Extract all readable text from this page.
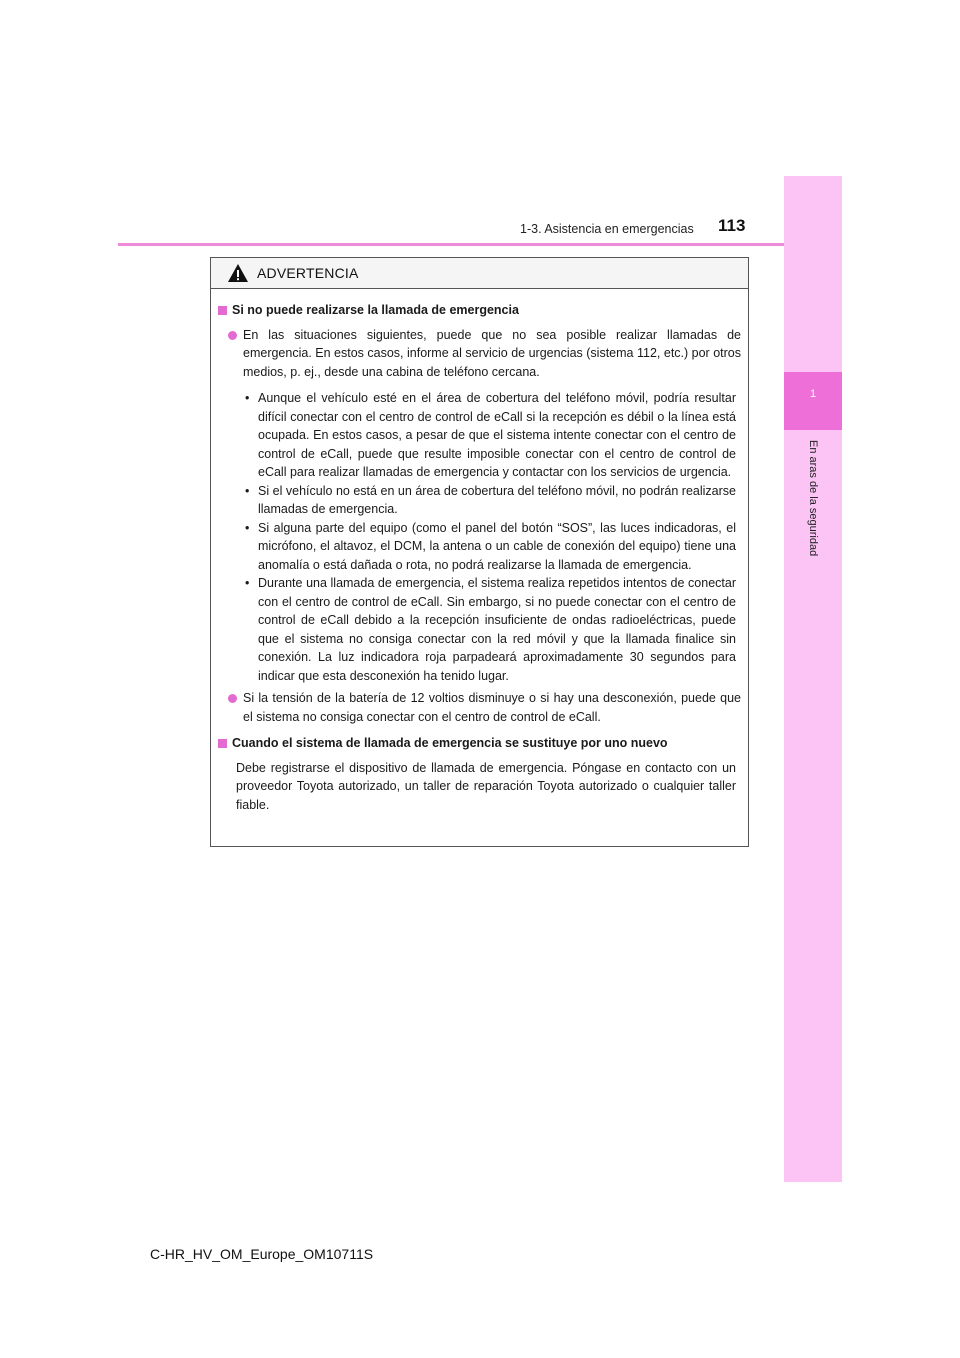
1-3. Asistencia en emergencias 113
1
En aras de la seguridad
ADVERTENCIA
Si no puede realizarse la llamada de emergencia
En las situaciones siguientes, puede que no sea posible realizar llamadas de emergencia. En estos casos, informe al servicio de urgencias (sistema 112, etc.) por otros medios, p. ej., desde una cabina de teléfono cercana.
• Aunque el vehículo esté en el área de cobertura del teléfono móvil, podría resultar difícil conectar con el centro de control de eCall si la recepción es débil o la línea está ocupada. En estos casos, a pesar de que el sistema intente conectar con el centro de control de eCall, puede que resulte imposible conectar con el centro de control de eCall para realizar llamadas de emergencia y contactar con los servicios de urgencia.
• Si el vehículo no está en un área de cobertura del teléfono móvil, no podrán realizarse llamadas de emergencia.
• Si alguna parte del equipo (como el panel del botón “SOS”, las luces indicadoras, el micrófono, el altavoz, el DCM, la antena o un cable de conexión del equipo) tiene una anomalía o está dañada o rota, no podrá realizarse la llamada de emergencia.
• Durante una llamada de emergencia, el sistema realiza repetidos intentos de conectar con el centro de control de eCall. Sin embargo, si no puede conectar con el centro de control de eCall debido a la recepción insuficiente de ondas radioeléctricas, puede que el sistema no consiga conectar con la red móvil y que la llamada finalice sin conexión. La luz indicadora roja parpadeará aproximadamente 30 segundos para indicar que esta desconexión ha tenido lugar.
Si la tensión de la batería de 12 voltios disminuye o si hay una desconexión, puede que el sistema no consiga conectar con el centro de control de eCall.
Cuando el sistema de llamada de emergencia se sustituye por uno nuevo
Debe registrarse el dispositivo de llamada de emergencia. Póngase en contacto con un proveedor Toyota autorizado, un taller de reparación Toyota autorizado o cualquier taller fiable.
C-HR_HV_OM_Europe_OM10711S
